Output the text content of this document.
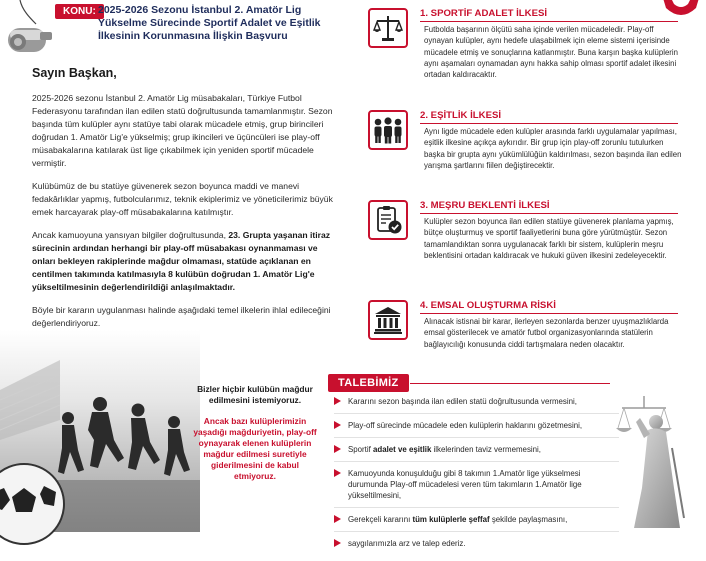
KONU: 2025-2026 Sezonu İstanbul 2. Amatör Lig Yükselme Sürecinde Sportif Adalet ve Eşitlik İlkesinin Korunmasına İlişkin Başvuru
Sayın Başkan,

2025-2026 sezonu İstanbul 2. Amatör Lig müsabakaları, Türkiye Futbol Federasyonu tarafından ilan edilen statü doğrultusunda tamamlanmıştır. Sezon başında tüm kulüpler aynı statüye tabi olarak mücadele etmiş, grup birincileri doğrudan 1. Amatör Lig'e yükselmiş; grup ikincileri ve üçüncüleri ise play-off müsabakalarına katılarak üst lige çıkabilmek için yeniden sportif mücadele vermiştir.

Kulübümüz de bu statüye güvenerek sezon boyunca maddi ve manevi fedakârlıklar yapmış, futbolcularımız, teknik ekiplerimiz ve yöneticilerimiz büyük emek harcayarak play-off müsabakalarına katılmıştır.

Ancak kamuoyuna yansıyan bilgiler doğrultusunda, 23. Grupta yaşanan itiraz sürecinin ardından herhangi bir play-off müsabakası oynanmaması ve onları bekleyen rakiplerinde mağdur olmaması, statüde açıklanan en centilmen takımında katılmasıyla 8 kulübün doğrudan 1. Amatör Lig'e yükseltilmesinin değerlendirildiği anlaşılmaktadır.

Böyle bir kararın uygulanması halinde aşağıdaki temel ilkelerin ihlal edileceğini değerlendiriyoruz.

Bizler hiçbir kulübün mağdur edilmesini istemiyoruz.
Ancak bazı kulüplerimizin yaşadığı mağduriyetin, play-off oynayarak elenen kulüplerin mağdur edilmesi suretiyle giderilmesini de kabul etmiyoruz.
1. SPORTİF ADALET İLKESİ
Futbolda başarının ölçütü saha içinde verilen mücadeledir. Play-off oynayan kulüpler, aynı hedefe ulaşabilmek için eleme sistemi içerisinde mücadele etmiş ve sonuçlarına katlanmıştır. Buna karşın başka kulüplerin aynı aşamaları oynamadan aynı hakka sahip olması sportif adalet ilkesini ortadan kaldıracaktır.
2. EŞİTLİK İLKESİ
Aynı ligde mücadele eden kulüpler arasında farklı uygulamalar yapılması, eşitlik ilkesine açıkça aykırıdır. Bir grup için play-off zorunlu tutulurken başka bir grupta aynı yükümlülüğün kaldırılması, sezon başında ilan edilen yarışma şartlarını fiilen değiştirecektir.
3. MEŞRU BEKLENTİ İLKESİ
Kulüpler sezon boyunca ilan edilen statüye güvenerek planlama yapmış, bütçe oluşturmuş ve sportif faaliyetlerini buna göre yürütmüştür. Sezon tamamlandıktan sonra uygulanacak farklı bir sistem, kulüplerin meşru beklentisini ortadan kaldıracak ve hukuki güven ilkesini zedeleyecektir.
4. EMSAL OLUŞTURMA RİSKİ
Alınacak istisnai bir karar, ilerleyen sezonlarda benzer uyuşmazlıklarda emsal gösterilecek ve amatör futbol organizasyonlarında statülerin bağlayıcılığı konusunda ciddi tartışmalara neden olacaktır.
TALEBİMİZ
Kararını sezon başında ilan edilen statü doğrultusunda vermesini,
Play-off sürecinde mücadele eden kulüplerin haklarını gözetmesini,
Sportif adalet ve eşitlik ilkelerinden taviz vermemesini,
Kamuoyunda konuşulduğu gibi 8 takımın 1.Amatör lige yükselmesi durumunda Play-off mücadelesi veren tüm takımların 1.Amatör lige yükseltilmesini,
Gerekçeli kararını tüm kulüplerle şeffaf şekilde paylaşmasını,
saygılarımızla arz ve talep ederiz.
